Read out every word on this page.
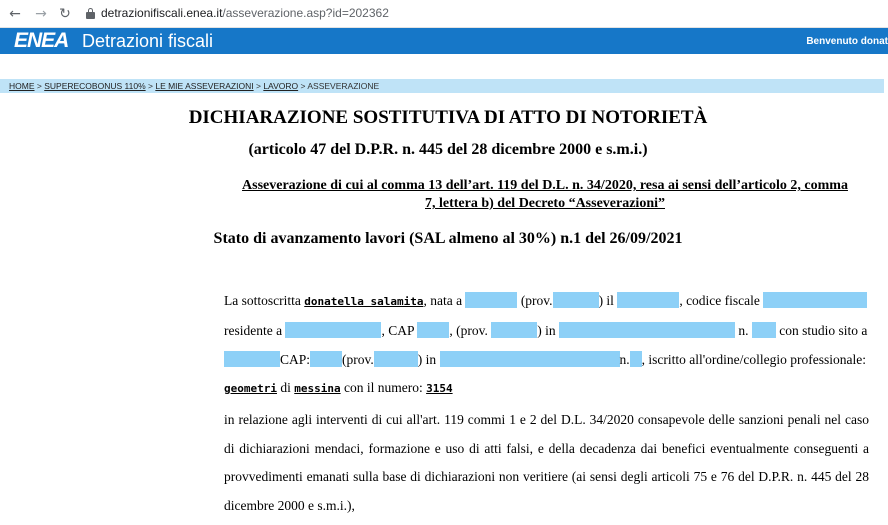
← → ↻	detrazionifiscali.enea.it/asseverazione.asp?id=202362
ENEA Detrazioni fiscali	Benvenuto donat
HOME > SUPERECOBONUS 110% > LE MIE ASSEVERAZIONI > LAVORO > ASSEVERAZIONE
DICHIARAZIONE SOSTITUTIVA DI ATTO DI NOTORIETÀ
(articolo 47 del D.P.R. n. 445 del 28 dicembre 2000 e s.m.i.)
Asseverazione di cui al comma 13 dell’art. 119 del D.L. n. 34/2020, resa ai sensi dell’articolo 2, comma 7, lettera b) del Decreto “Asseverazioni”
Stato di avanzamento lavori (SAL almeno al 30%) n.1 del 26/09/2021
La sottoscritta donatella salamita, nata a	(prov.	) il	, codice fiscale
residente a	, CAP	, (prov.	) in	n. con studio sito a
CAP: (prov.	) in	n. , iscritto all'ordine/collegio professionale:
geometri di messina con il numero: 3154
in relazione agli interventi di cui all'art. 119 commi 1 e 2 del D.L. 34/2020 consapevole delle sanzioni penali nel caso di dichiarazioni mendaci, formazione e uso di atti falsi, e della decadenza dai benefici eventualmente conseguenti a provvedimenti emanati sulla base di dichiarazioni non veritiere (ai sensi degli articoli 75 e 76 del D.P.R. n. 445 del 28 dicembre 2000 e s.m.i.),
